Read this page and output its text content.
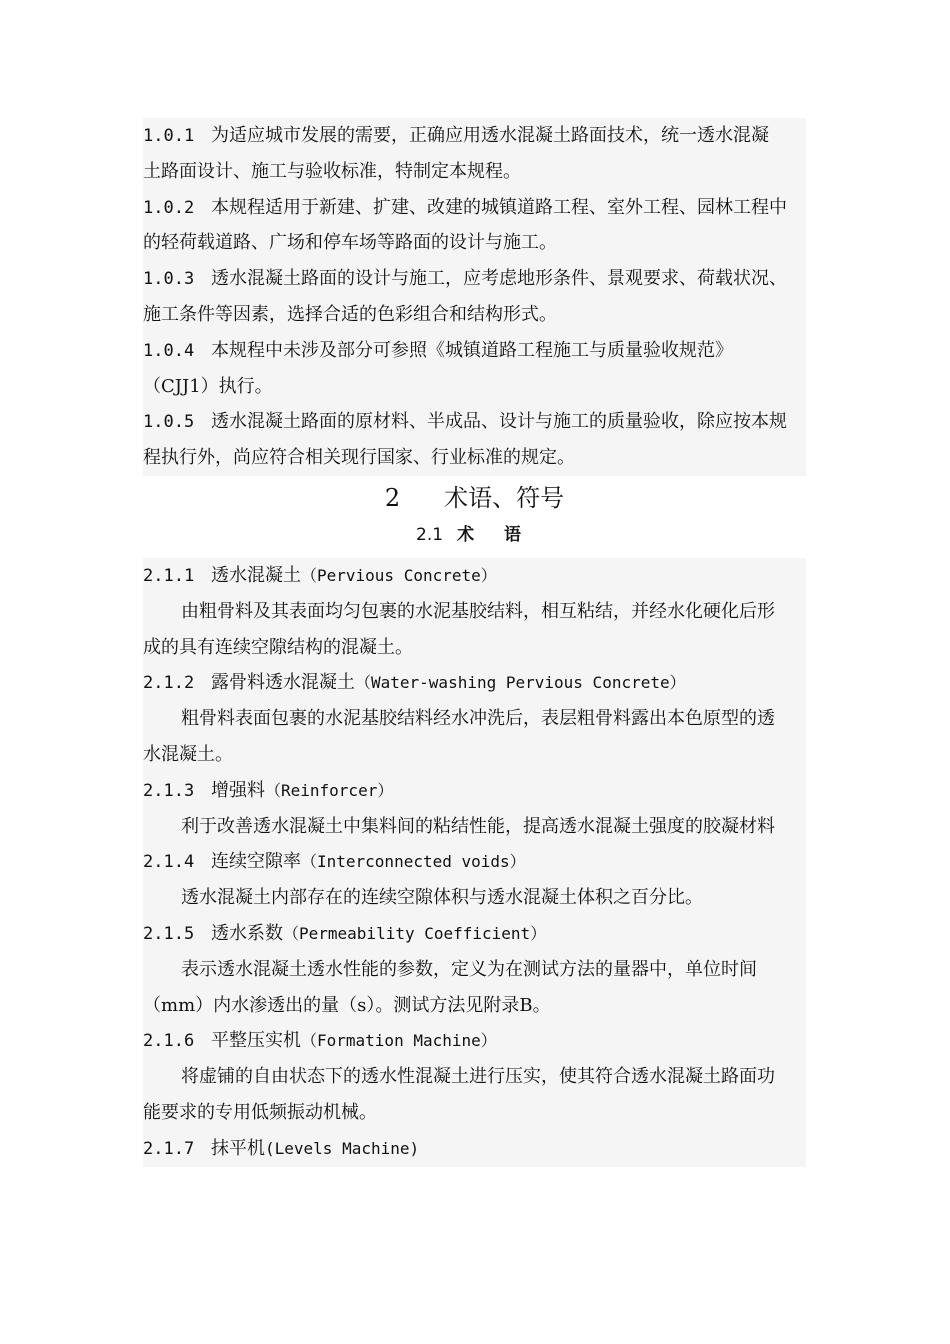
1.0.1 为适应城市发展的需要，正确应用透水混凝土路面技术，统一透水混凝
土路面设计、施工与验收标准，特制定本规程。
1.0.2 本规程适用于新建、扩建、改建的城镇道路工程、室外工程、园林工程中
的轻荷载道路、广场和停车场等路面的设计与施工。
1.0.3 透水混凝土路面的设计与施工，应考虑地形条件、景观要求、荷载状况、
施工条件等因素，选择合适的色彩组合和结构形式。
1.0.4 本规程中未涉及部分可参照《城镇道路工程施工与质量验收规范》
（CJJ1）执行。
1.0.5 透水混凝土路面的原材料、半成品、设计与施工的质量验收，除应按本规
程执行外，尚应符合相关现行国家、行业标准的规定。
2 术语、符号
2.1 术 语
2.1.1 透水混凝土（Pervious Concrete）
由粗骨料及其表面均匀包裹的水泥基胶结料，相互粘结，并经水化硬化后形
成的具有连续空隙结构的混凝土。
2.1.2 露骨料透水混凝土（Water-washing Pervious Concrete）
粗骨料表面包裹的水泥基胶结料经水冲洗后，表层粗骨料露出本色原型的透
水混凝土。
2.1.3 增强料（Reinforcer）
利于改善透水混凝土中集料间的粘结性能，提高透水混凝土强度的胶凝材料
2.1.4 连续空隙率（Interconnected voids）
透水混凝土内部存在的连续空隙体积与透水混凝土体积之百分比。
2.1.5 透水系数（Permeability Coefficient）
表示透水混凝土透水性能的参数，定义为在测试方法的量器中，单位时间
（mm）内水渗透出的量（s）。测试方法见附录B。
2.1.6 平整压实机（Formation Machine）
将虚铺的自由状态下的透水性混凝土进行压实，使其符合透水混凝土路面功
能要求的专用低频振动机械。
2.1.7 抹平机(Levels Machine)
